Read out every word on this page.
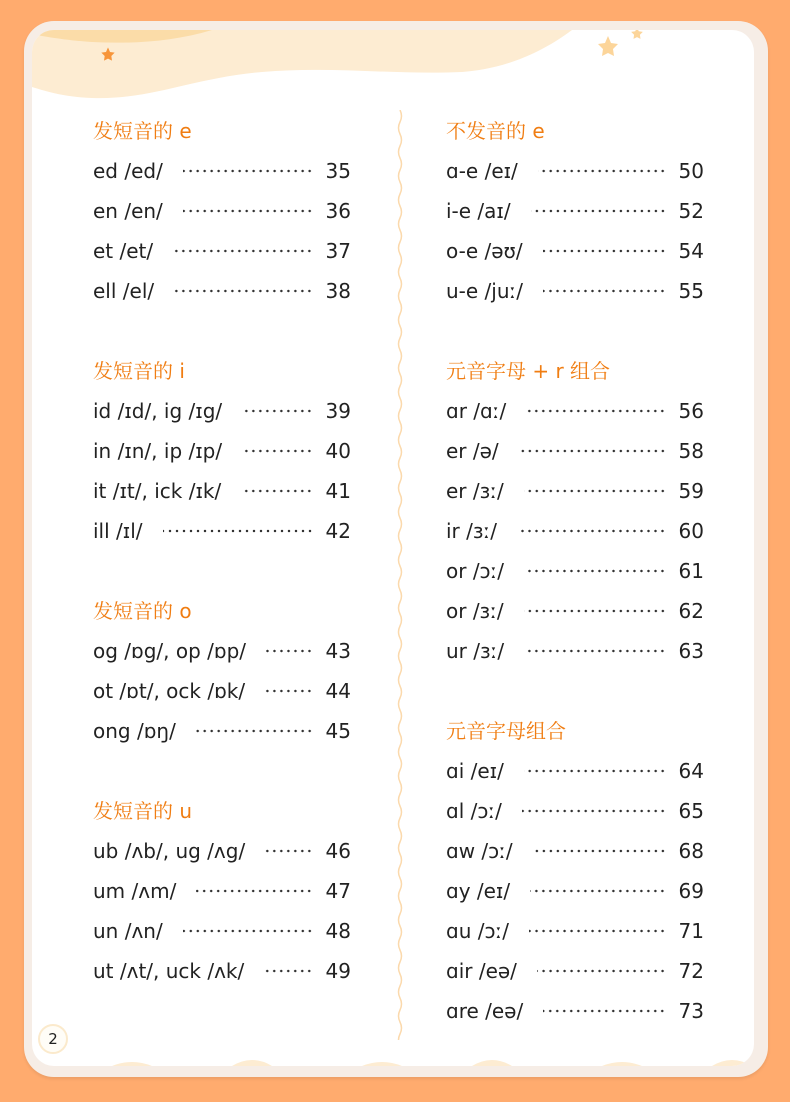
发短音的 e
ed /ed/	35
en /en/	36
et /et/	37
ell /el/	38
发短音的 i
id /ɪd/, ig /ɪg/	39
in /ɪn/, ip /ɪp/	40
it /ɪt/, ick /ɪk/	41
ill /ɪl/	42
发短音的 o
og /ɒg/, op /ɒp/	43
ot /ɒt/, ock /ɒk/	44
ong /ɒŋ/	45
发短音的 u
ub /ʌb/, ug /ʌg/	46
um /ʌm/	47
un /ʌn/	48
ut /ʌt/, uck /ʌk/	49
不发音的 e
ɑ-e /eɪ/	50
i-e /aɪ/	52
o-e /əʊ/	54
u-e /juː/	55
元音字母 + r 组合
ɑr /ɑː/	56
er /ə/	58
er /ɜː/	59
ir /ɜː/	60
or /ɔː/	61
or /ɜː/	62
ur /ɜː/	63
元音字母组合
ɑi /eɪ/	64
ɑl /ɔː/	65
ɑw /ɔː/	68
ɑy /eɪ/	69
ɑu /ɔː/	71
ɑir /eə/	72
ɑre /eə/	73
2
